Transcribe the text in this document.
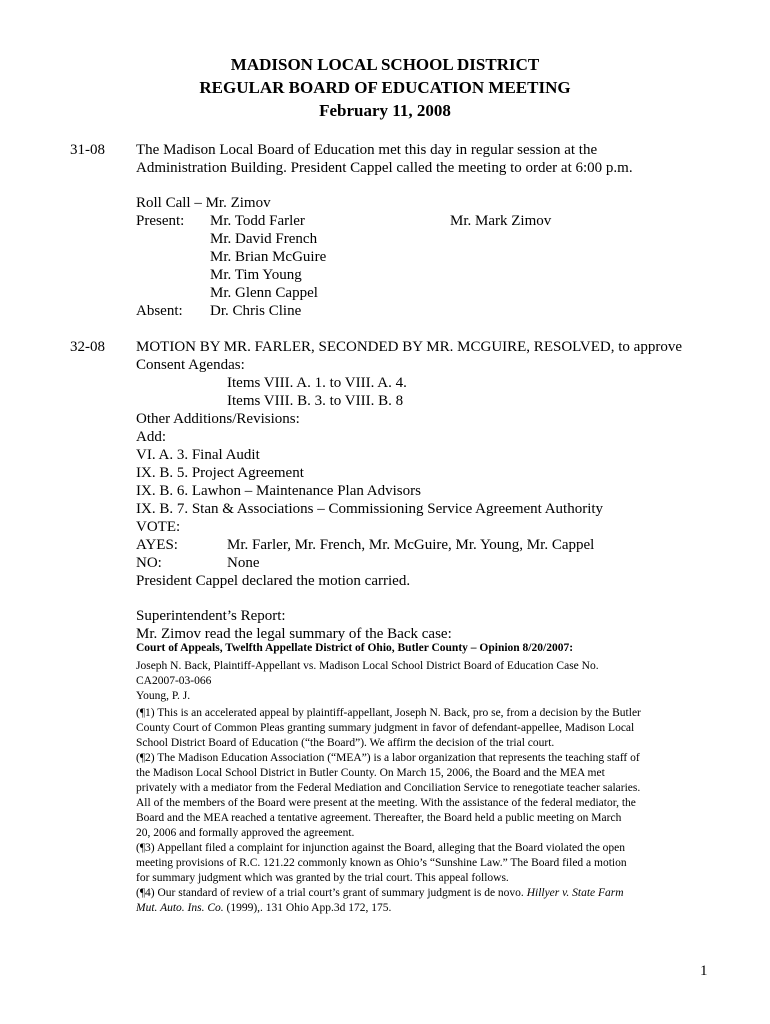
MADISON LOCAL SCHOOL DISTRICT
REGULAR BOARD OF EDUCATION MEETING
February 11, 2008
31-08 The Madison Local Board of Education met this day in regular session at the
Administration Building. President Cappel called the meeting to order at 6:00 p.m.
Roll Call – Mr. Zimov
Present: Mr. Todd Farler	Mr. Mark Zimov
Mr. David French
Mr. Brian McGuire
Mr. Tim Young
Mr. Glenn Cappel
Absent: Dr. Chris Cline
32-08 MOTION BY MR. FARLER, SECONDED BY MR. MCGUIRE, RESOLVED, to approve
Consent Agendas:
Items VIII. A. 1. to VIII. A. 4.
Items VIII. B. 3. to VIII. B. 8
Other Additions/Revisions:
Add:
VI. A. 3. Final Audit
IX. B. 5. Project Agreement
IX. B. 6. Lawhon – Maintenance Plan Advisors
IX. B. 7. Stan & Associations – Commissioning Service Agreement Authority
VOTE:
AYES:	Mr. Farler, Mr. French, Mr. McGuire, Mr. Young, Mr. Cappel
NO:	None
President Cappel declared the motion carried.
Superintendent’s Report:
Mr. Zimov read the legal summary of the Back case:
Court of Appeals, Twelfth Appellate District of Ohio, Butler County – Opinion 8/20/2007:
Joseph N. Back, Plaintiff-Appellant vs. Madison Local School District Board of Education Case No.
CA2007-03-066
Young, P. J.
(¶1) This is an accelerated appeal by plaintiff-appellant, Joseph N. Back, pro se, from a decision by the Butler
County Court of Common Pleas granting summary judgment in favor of defendant-appellee, Madison Local
School District Board of Education (“the Board”). We affirm the decision of the trial court.
(¶2) The Madison Education Association (“MEA”) is a labor organization that represents the teaching staff of
the Madison Local School District in Butler County. On March 15, 2006, the Board and the MEA met
privately with a mediator from the Federal Mediation and Conciliation Service to renegotiate teacher salaries.
All of the members of the Board were present at the meeting. With the assistance of the federal mediator, the
Board and the MEA reached a tentative agreement. Thereafter, the Board held a public meeting on March
20, 2006 and formally approved the agreement.
(¶3) Appellant filed a complaint for injunction against the Board, alleging that the Board violated the open
meeting provisions of R.C. 121.22 commonly known as Ohio’s “Sunshine Law.” The Board filed a motion
for summary judgment which was granted by the trial court. This appeal follows.
(¶4) Our standard of review of a trial court’s grant of summary judgment is de novo. Hillyer v. State Farm
Mut. Auto. Ins. Co. (1999),. 131 Ohio App.3d 172, 175.
1
